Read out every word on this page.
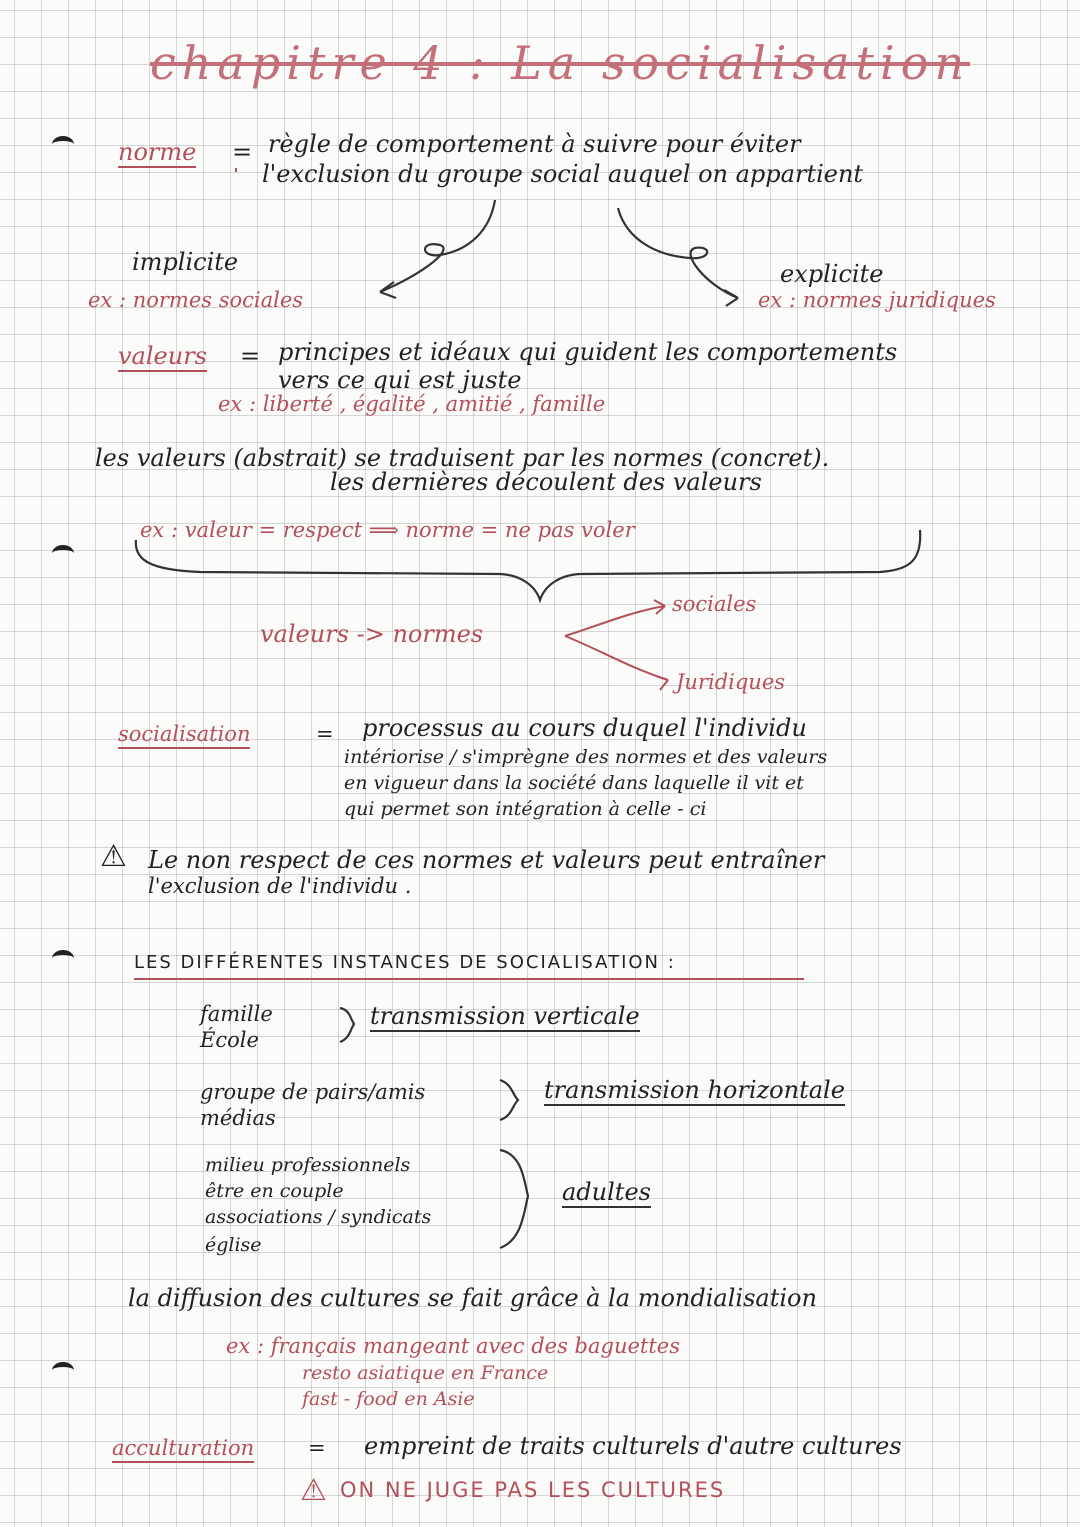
chapitre 4 : La socialisation
norme = règle de comportement à suivre pour éviter
l'exclusion du groupe social auquel on appartient
implicite
ex : normes sociales
explicite
ex : normes juridiques
valeurs = principes et idéaux qui guident les comportements
vers ce qui est juste
ex : liberté , égalité , amitié , famille
les valeurs (abstrait) se traduisent par les normes (concret).
les dernières découlent des valeurs
ex : valeur = respect ⟹ norme = ne pas voler
valeurs -> normes
sociales
Juridiques
socialisation	= processus au cours duquel l'individu
intériorise / s'imprègne des normes et des valeurs
en vigueur dans la société dans laquelle il vit et
qui permet son intégration à celle - ci
⚠ Le non respect de ces normes et valeurs peut entraîner
l'exclusion de l'individu .
LES DIFFÉRENTES INSTANCES DE SOCIALISATION :
famille
École
transmission verticale
groupe de pairs/amis
médias
transmission horizontale
milieu professionnels
être en couple
associations / syndicats
église
adultes
la diffusion des cultures se fait grâce à la mondialisation
ex : français mangeant avec des baguettes
resto asiatique en France
fast - food en Asie
acculturation	= empreint de traits culturels d'autre cultures
⚠ ON NE JUGE PAS LES CULTURES
